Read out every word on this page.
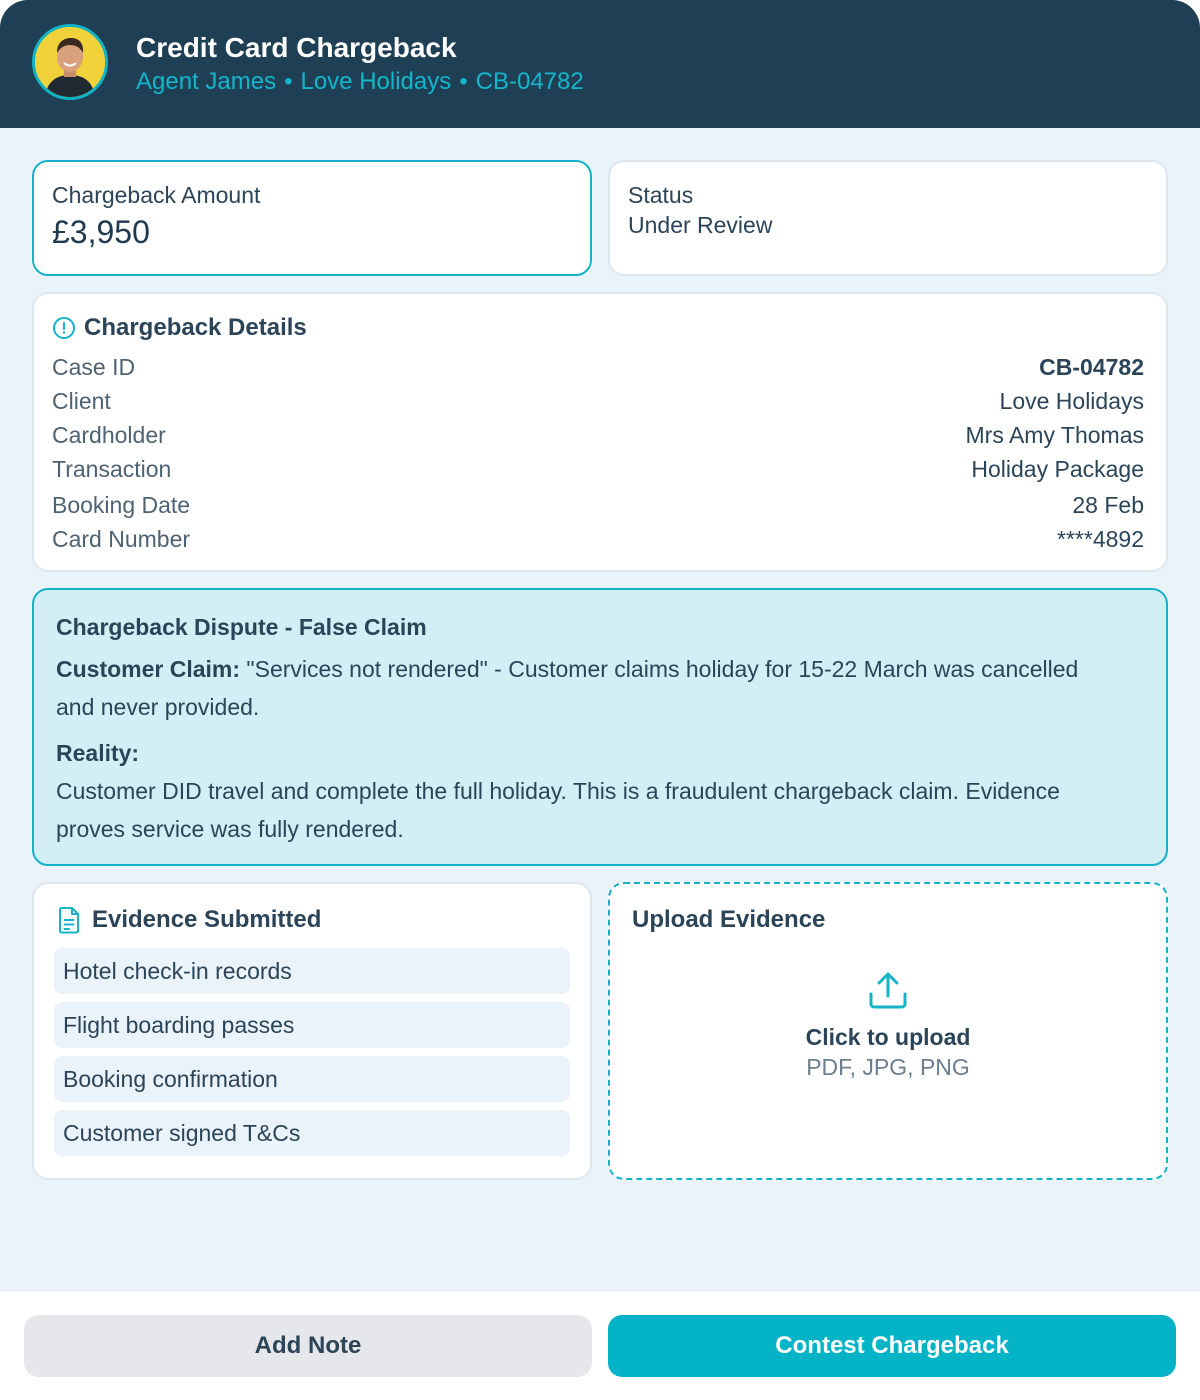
Credit Card Chargeback
Agent James • Love Holidays • CB-04782
Chargeback Amount
£3,950
Status
Under Review
Chargeback Details
Case ID	CB-04782
Client	Love Holidays
Cardholder	Mrs Amy Thomas
Transaction	Holiday Package
Booking Date	28 Feb
Card Number	****4892
Chargeback Dispute - False Claim
Customer Claim: "Services not rendered" - Customer claims holiday for 15-22 March was cancelled and never provided.
Reality:
Customer DID travel and complete the full holiday. This is a fraudulent chargeback claim. Evidence proves service was fully rendered.
Evidence Submitted
Hotel check-in records
Flight boarding passes
Booking confirmation
Customer signed T&Cs
Upload Evidence
Click to upload
PDF, JPG, PNG
Add Note	Contest Chargeback
